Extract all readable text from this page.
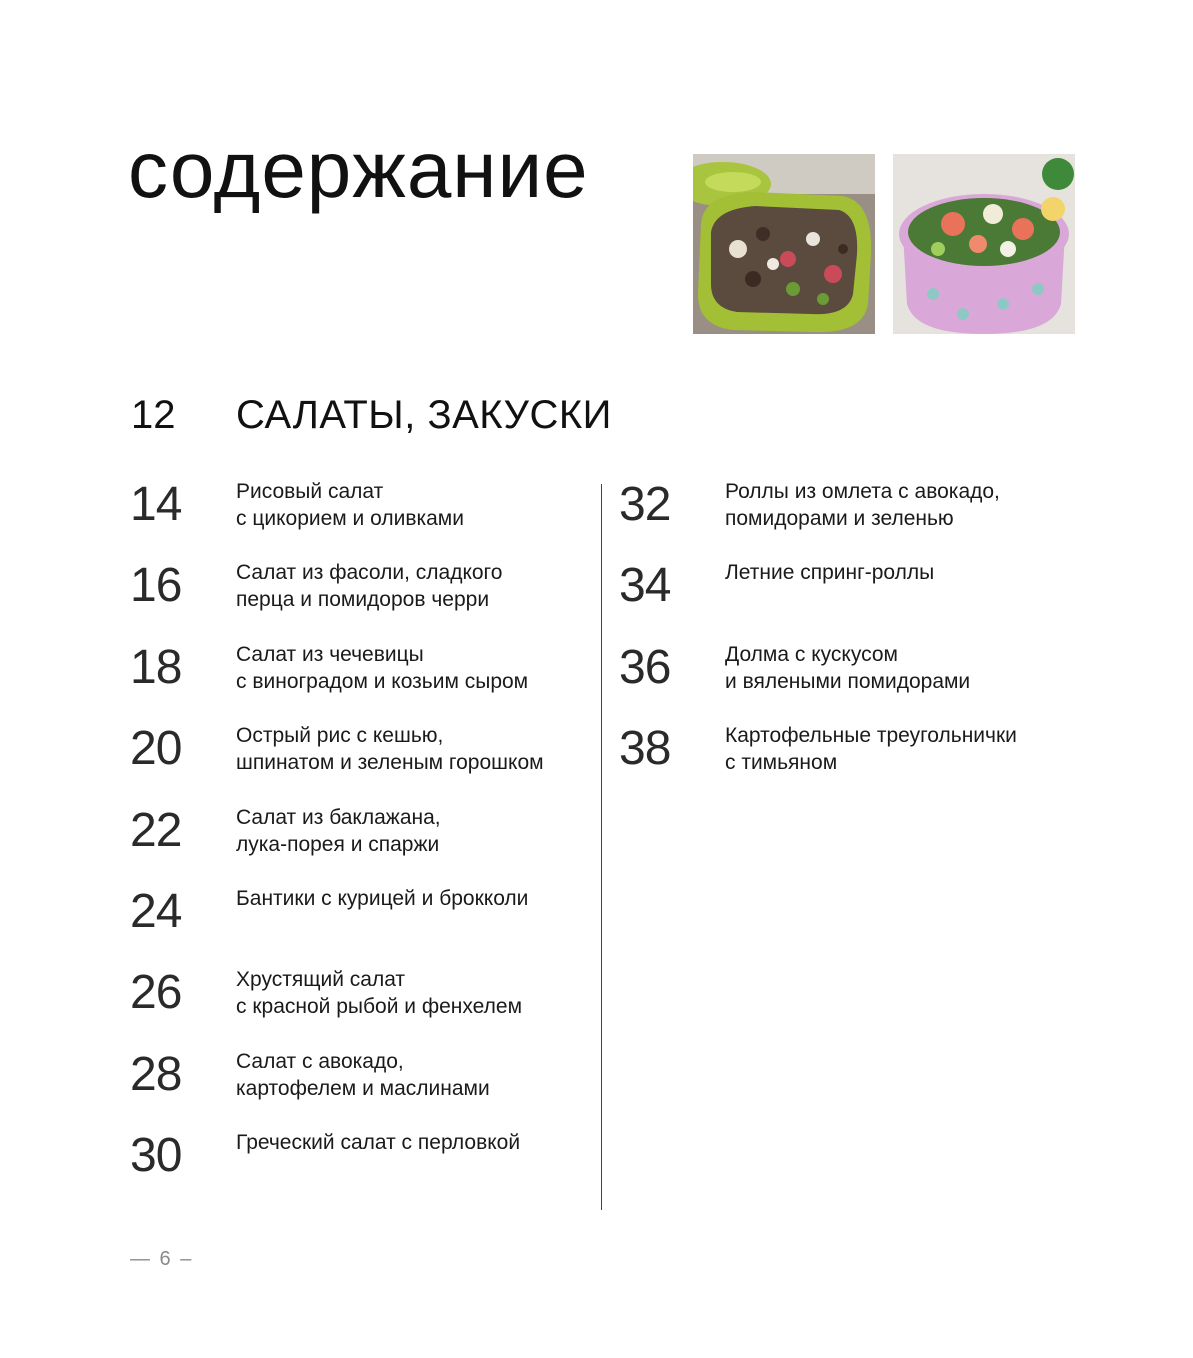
содержание
12 САЛАТЫ, ЗАКУСКИ
14	Рисовый салат
с цикорием и оливками
16	Салат из фасоли, сладкого
перца и помидоров черри
18	Салат из чечевицы
с виноградом и козьим сыром
20	Острый рис с кешью,
шпинатом и зеленым горошком
22	Салат из баклажана,
лука-порея и спаржи
24	Бантики с курицей и брокколи
26	Хрустящий салат
с красной рыбой и фенхелем
28	Салат с авокадо,
картофелем и маслинами
30	Греческий салат с перловкой
32	Роллы из омлета с авокадо,
помидорами и зеленью
34	Летние спринг-роллы
36	Долма с кускусом
и вялеными помидорами
38	Картофельные треугольнички
с тимьяном
— 6 –
